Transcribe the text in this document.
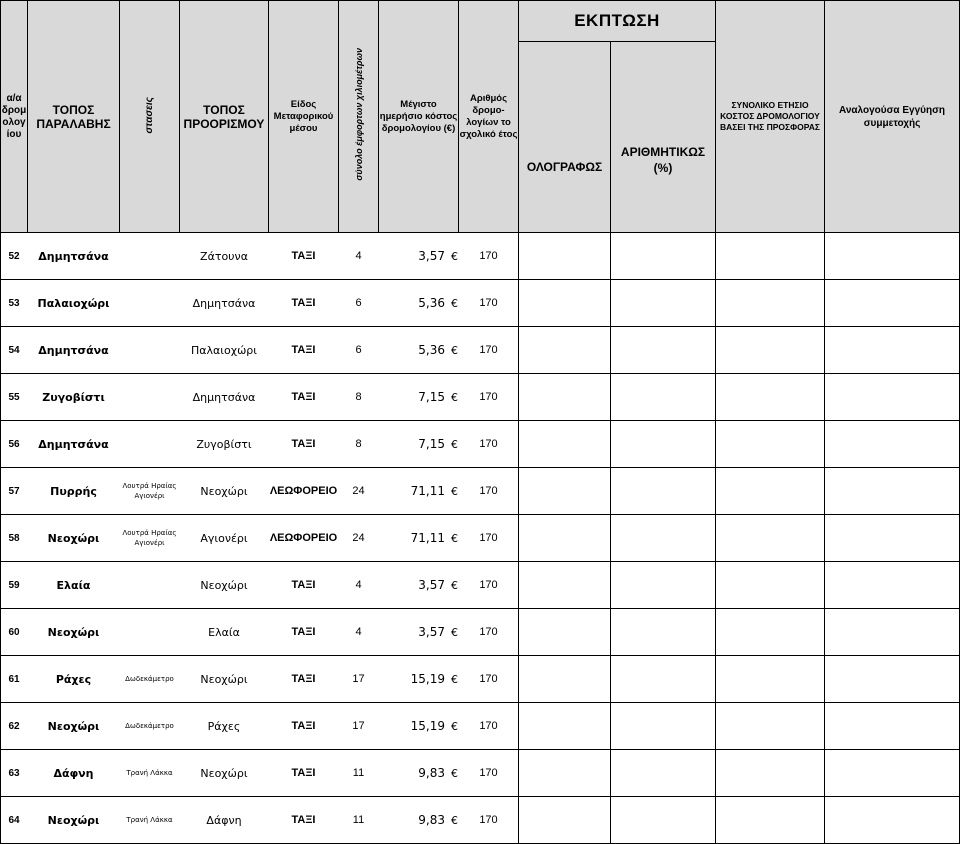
α/α δρομ ολογ ίου	ΤΟΠΟΣ ΠΑΡΑΛΑΒΗΣ	στασεις	ΤΟΠΟΣ ΠΡΟΟΡΙΣΜΟΥ	Είδος Μεταφορικού μέσου	σύνολο έμφορτων χιλιομέτρων	Μέγιστο ημερήσιο κόστος δρομολογίου (€)	Αριθμός δρομο-λογίων το σχολικό έτος	ΕΚΠΤΩΣΗ		ΣΥΝΟΛΙΚΟ ΕΤΗΣΙΟ ΚΟΣΤΟΣ ΔΡΟΜΟΛΟΓΙΟΥ ΒΑΣΕΙ ΤΗΣ ΠΡΟΣΦΟΡΑΣ	Αναλογούσα Εγγύηση συμμετοχής
								ΟΛΟΓΡΑΦΩΣ	ΑΡΙΘΜΗΤΙΚΩΣ (%)		
52	Δημητσάνα		Ζάτουνα	ΤΑΞΙ	4	3,57 €	170				
53	Παλαιοχώρι		Δημητσάνα	ΤΑΞΙ	6	5,36 €	170				
54	Δημητσάνα		Παλαιοχώρι	ΤΑΞΙ	6	5,36 €	170				
55	Ζυγοβίστι		Δημητσάνα	ΤΑΞΙ	8	7,15 €	170				
56	Δημητσάνα		Ζυγοβίστι	ΤΑΞΙ	8	7,15 €	170				
57	Πυρρής	Λουτρά Ηραίας Αγιονέρι	Νεοχώρι	ΛΕΩΦΟΡΕΙΟ	24	71,11 €	170				
58	Νεοχώρι	Λουτρά Ηραίας Αγιονέρι	Αγιονέρι	ΛΕΩΦΟΡΕΙΟ	24	71,11 €	170				
59	Ελαία		Νεοχώρι	ΤΑΞΙ	4	3,57 €	170				
60	Νεοχώρι		Ελαία	ΤΑΞΙ	4	3,57 €	170				
61	Ράχες	Δωδεκάμετρο	Νεοχώρι	ΤΑΞΙ	17	15,19 €	170				
62	Νεοχώρι	Δωδεκάμετρο	Ράχες	ΤΑΞΙ	17	15,19 €	170				
63	Δάφνη	Τρανή Λάκκα	Νεοχώρι	ΤΑΞΙ	11	9,83 €	170				
64	Νεοχώρι	Τρανή Λάκκα	Δάφνη	ΤΑΞΙ	11	9,83 €	170				
